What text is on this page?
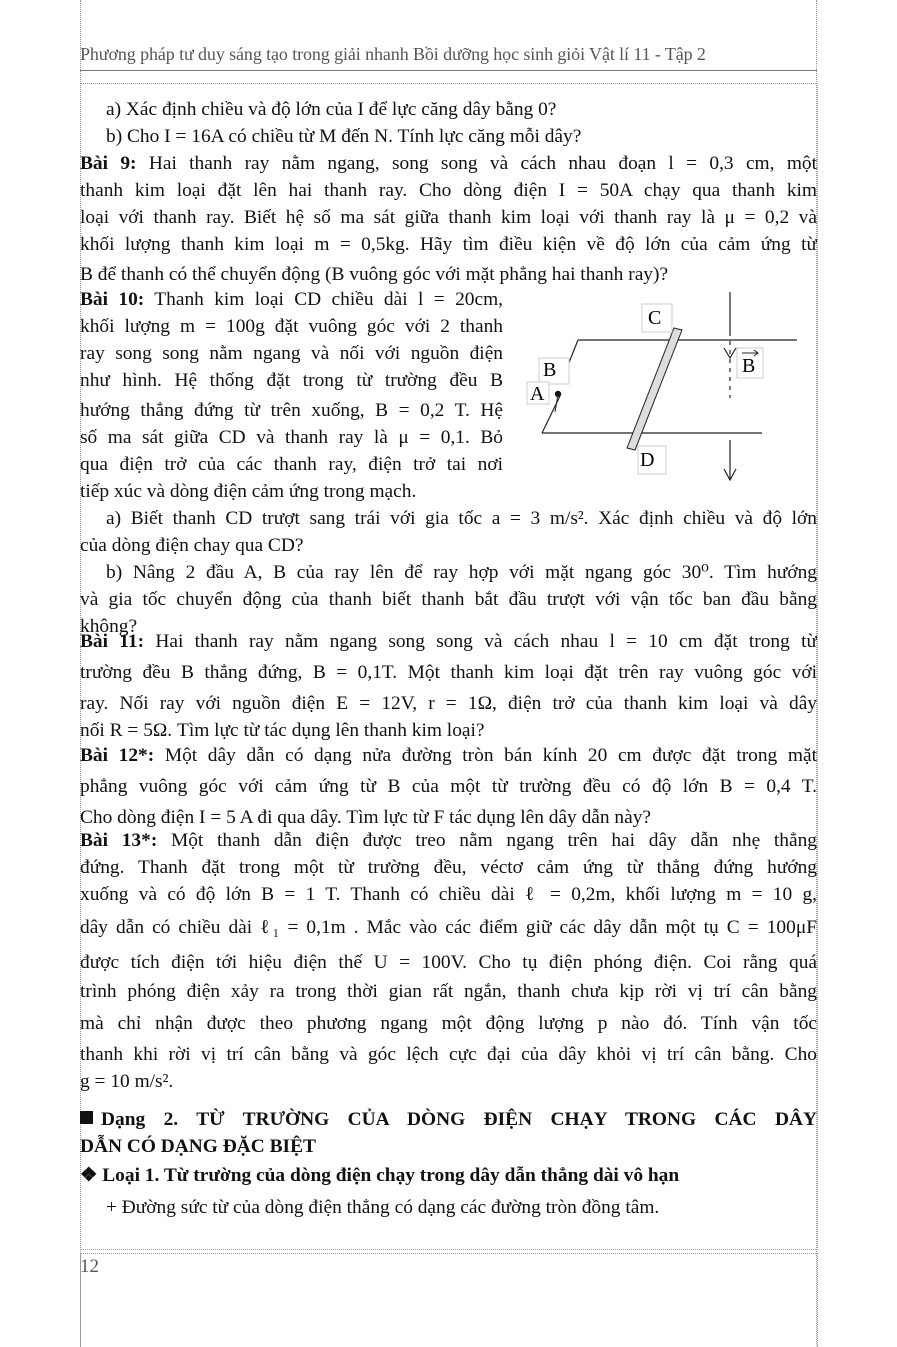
Phương pháp tư duy sáng tạo trong giải nhanh Bồi dưỡng học sinh giỏi Vật lí 11 - Tập 2
a) Xác định chiều và độ lớn của I để lực căng dây bằng 0?
b) Cho I = 16A có chiều từ M đến N. Tính lực căng mỗi dây?
Bài 9: Hai thanh ray nằm ngang, song song và cách nhau đoạn l = 0,3 cm, một
thanh kim loại đặt lên hai thanh ray. Cho dòng điện I = 50A chạy qua thanh kim
loại với thanh ray. Biết hệ số ma sát giữa thanh kim loại với thanh ray là μ = 0,2 và
khối lượng thanh kim loại m = 0,5kg. Hãy tìm điều kiện về độ lớn của cảm ứng từ
B để thanh có thể chuyển động (B vuông góc với mặt phẳng hai thanh ray)?
Bài 10: Thanh kim loại CD chiều dài l = 20cm,
khối lượng m = 100g đặt vuông góc với 2 thanh
ray song song nằm ngang và nối với nguồn điện
như hình. Hệ thống đặt trong từ trường đều B
hướng thẳng đứng từ trên xuống, B = 0,2 T. Hệ
số ma sát giữa CD và thanh ray là μ = 0,1. Bỏ
qua điện trở của các thanh ray, điện trở tai nơi
tiếp xúc và dòng điện cảm ứng trong mạch.
a) Biết thanh CD trượt sang trái với gia tốc a = 3 m/s². Xác định chiều và độ lớn
của dòng điện chay qua CD?
b) Nâng 2 đầu A, B của ray lên để ray hợp với mặt ngang góc 30⁰. Tìm hướng
và gia tốc chuyển động của thanh biết thanh bắt đầu trượt với vận tốc ban đầu bằng
không?
C
D
B
A
B
Bài 11: Hai thanh ray nằm ngang song song và cách nhau l = 10 cm đặt trong từ
trường đều B thẳng đứng, B = 0,1T. Một thanh kim loại đặt trên ray vuông góc với
ray. Nối ray với nguồn điện E = 12V, r = 1Ω, điện trở của thanh kim loại và dây
nối R = 5Ω. Tìm lực từ tác dụng lên thanh kim loại?
Bài 12*: Một dây dẫn có dạng nửa đường tròn bán kính 20 cm được đặt trong mặt
phẳng vuông góc với cảm ứng từ B của một từ trường đều có độ lớn B = 0,4 T.
Cho dòng điện I = 5 A đi qua dây. Tìm lực từ F tác dụng lên dây dẫn này?
Bài 13*: Một thanh dẫn điện được treo nằm ngang trên hai dây dẫn nhẹ thẳng
đứng. Thanh đặt trong một từ trường đều, véctơ cảm ứng từ thẳng đứng hướng
xuống và có độ lớn B = 1 T. Thanh có chiều dài ℓ = 0,2m, khối lượng m = 10 g,
dây dẫn có chiều dài ℓ₁ = 0,1m . Mắc vào các điểm giữ các dây dẫn một tụ C = 100μF
được tích điện tới hiệu điện thế U = 100V. Cho tụ điện phóng điện. Coi rằng quá
trình phóng điện xảy ra trong thời gian rất ngắn, thanh chưa kịp rời vị trí cân bằng
mà chỉ nhận được theo phương ngang một động lượng p nào đó. Tính vận tốc
thanh khi rời vị trí cân bằng và góc lệch cực đại của dây khỏi vị trí cân bằng. Cho
g = 10 m/s².
Dạng 2. TỪ TRƯỜNG CỦA DÒNG ĐIỆN CHẠY TRONG CÁC DÂY
DẪN CÓ DẠNG ĐẶC BIỆT
❖ Loại 1. Từ trường của dòng điện chạy trong dây dẫn thẳng dài vô hạn
+ Đường sức từ của dòng điện thẳng có dạng các đường tròn đồng tâm.
12
